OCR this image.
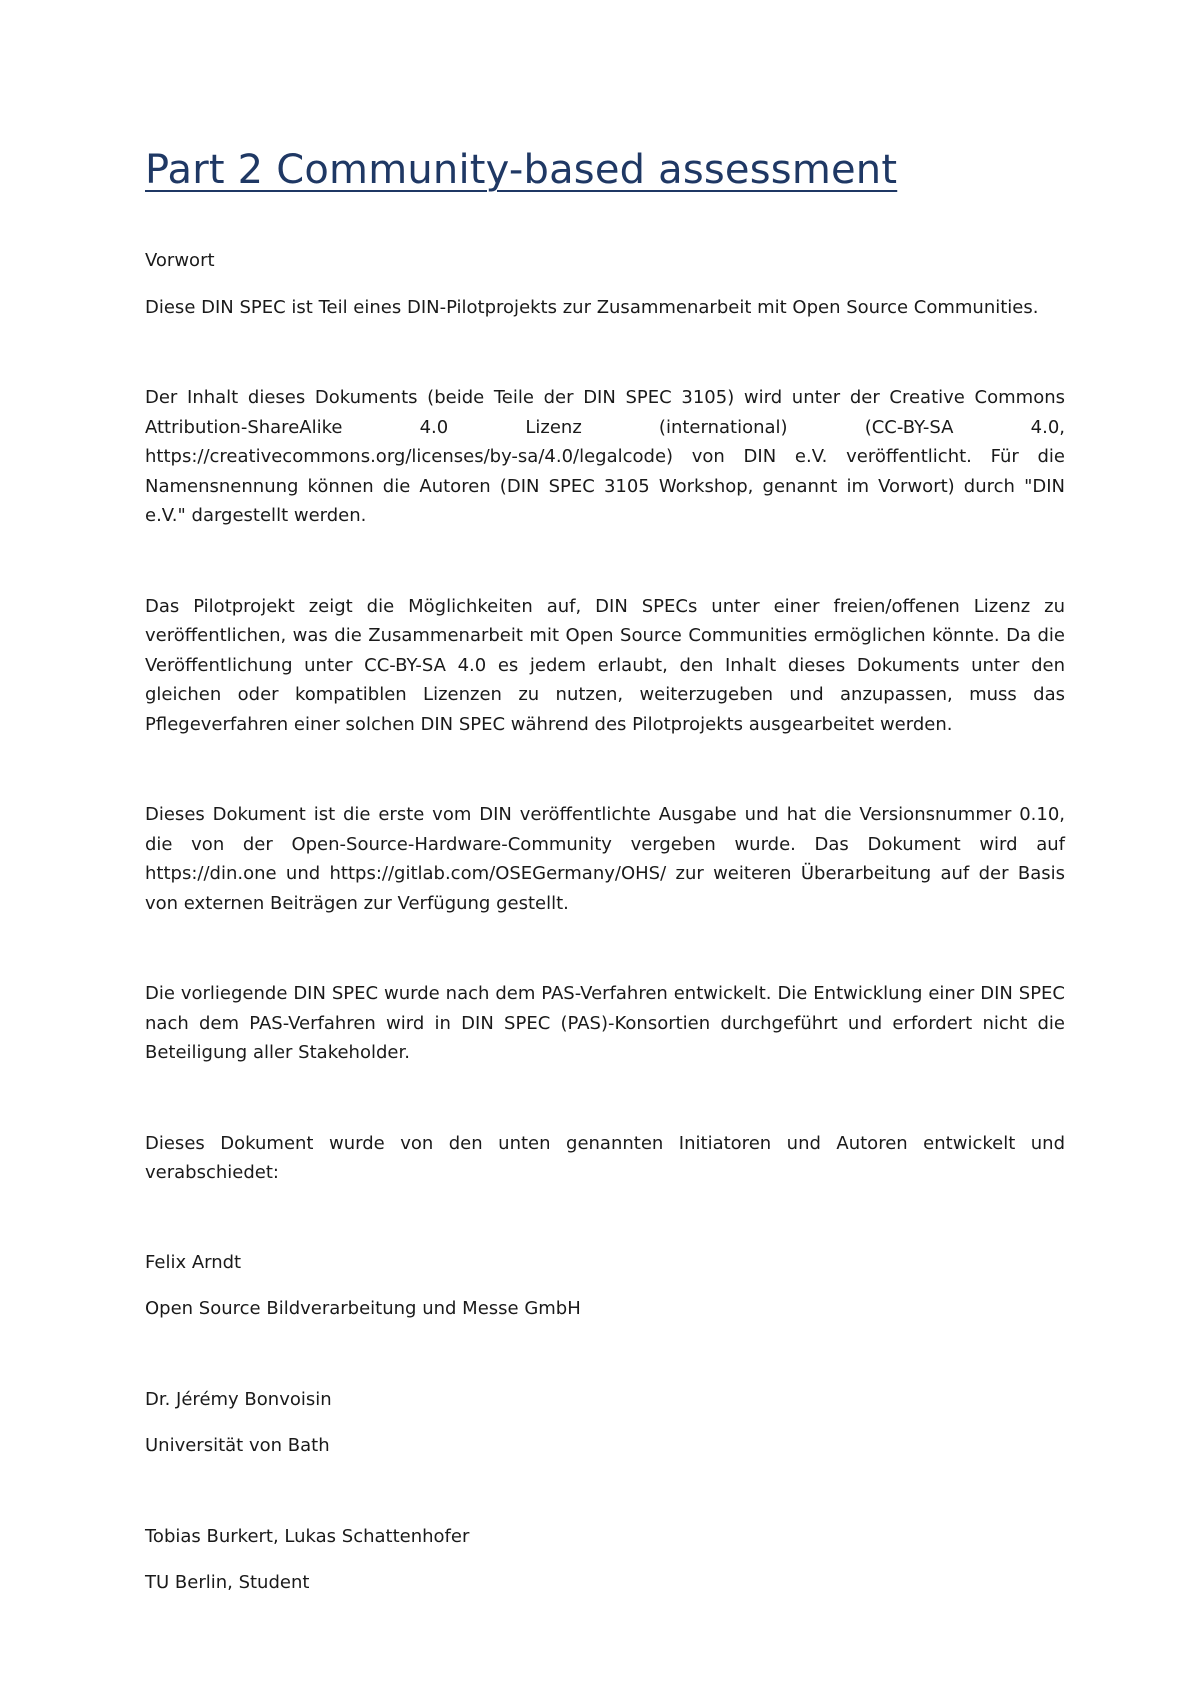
Part 2 Community-based assessment

Vorwort

Diese DIN SPEC ist Teil eines DIN-Pilotprojekts zur Zusammenarbeit mit Open Source Communities.

Der Inhalt dieses Dokuments (beide Teile der DIN SPEC 3105) wird unter der Creative Commons Attribution-ShareAlike 4.0 Lizenz (international) (CC-BY-SA 4.0, https://creativecommons.org/licenses/by-sa/4.0/legalcode) von DIN e.V. veröffentlicht. Für die Namensnennung können die Autoren (DIN SPEC 3105 Workshop, genannt im Vorwort) durch "DIN e.V." dargestellt werden.

Das Pilotprojekt zeigt die Möglichkeiten auf, DIN SPECs unter einer freien/offenen Lizenz zu veröffentlichen, was die Zusammenarbeit mit Open Source Communities ermöglichen könnte. Da die Veröffentlichung unter CC-BY-SA 4.0 es jedem erlaubt, den Inhalt dieses Dokuments unter den gleichen oder kompatiblen Lizenzen zu nutzen, weiterzugeben und anzupassen, muss das Pflegeverfahren einer solchen DIN SPEC während des Pilotprojekts ausgearbeitet werden.

Dieses Dokument ist die erste vom DIN veröffentlichte Ausgabe und hat die Versionsnummer 0.10, die von der Open-Source-Hardware-Community vergeben wurde. Das Dokument wird auf https://din.one und https://gitlab.com/OSEGermany/OHS/ zur weiteren Überarbeitung auf der Basis von externen Beiträgen zur Verfügung gestellt.

Die vorliegende DIN SPEC wurde nach dem PAS-Verfahren entwickelt. Die Entwicklung einer DIN SPEC nach dem PAS-Verfahren wird in DIN SPEC (PAS)-Konsortien durchgeführt und erfordert nicht die Beteiligung aller Stakeholder.

Dieses Dokument wurde von den unten genannten Initiatoren und Autoren entwickelt und verabschiedet:

Felix Arndt

Open Source Bildverarbeitung und Messe GmbH

Dr. Jérémy Bonvoisin

Universität von Bath

Tobias Burkert, Lukas Schattenhofer

TU Berlin, Student
